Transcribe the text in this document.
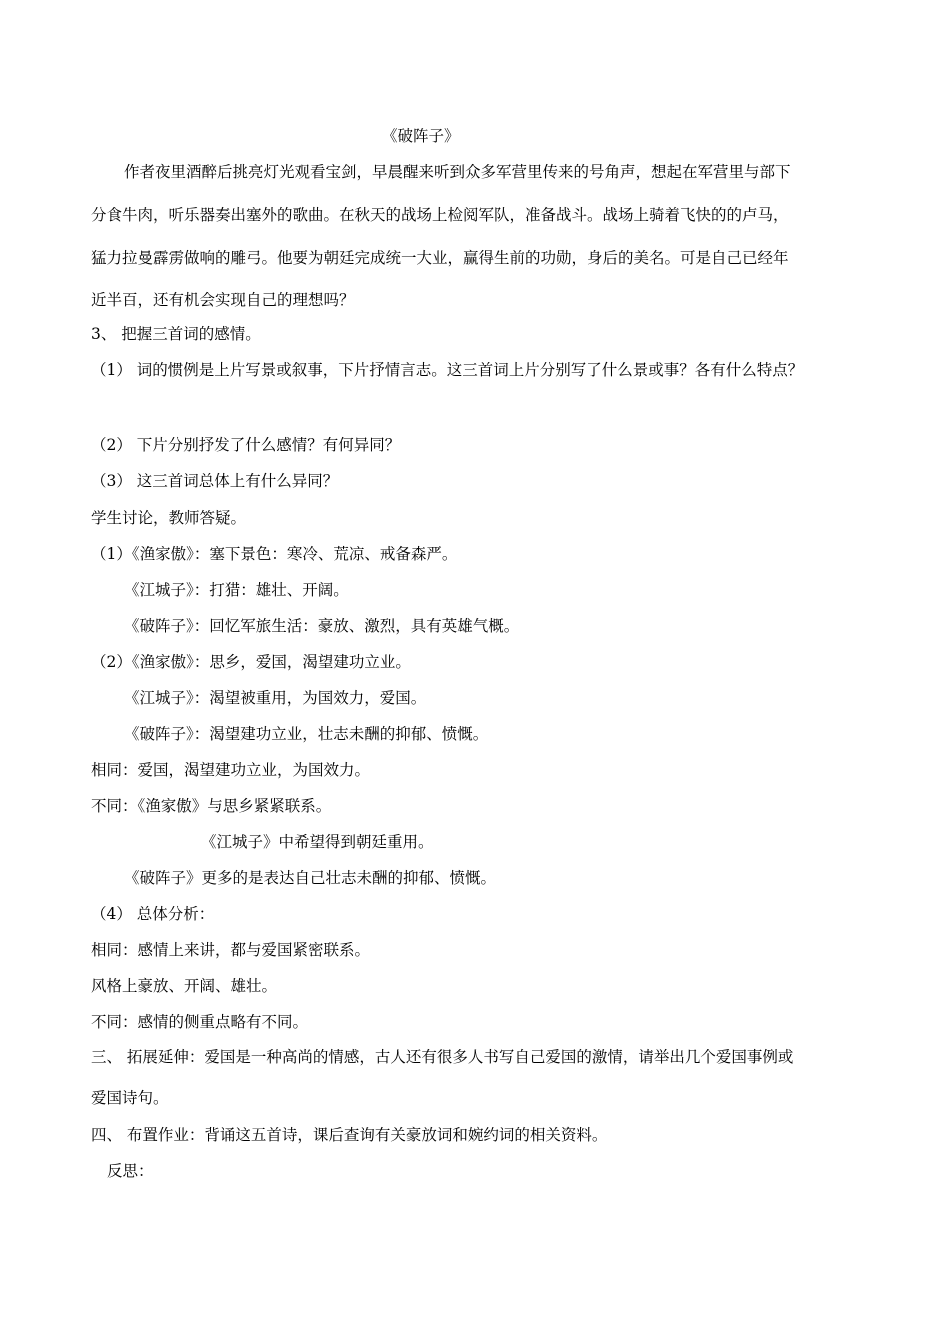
《破阵子》
作者夜里酒醉后挑亮灯光观看宝剑，早晨醒来听到众多军营里传来的号角声，想起在军营里与部下
分食牛肉，听乐器奏出塞外的歌曲。在秋天的战场上检阅军队，准备战斗。战场上骑着飞快的的卢马，
猛力拉曼霹雳做响的雕弓。他要为朝廷完成统一大业，赢得生前的功勋，身后的美名。可是自己已经年
近半百，还有机会实现自己的理想吗？
3、 把握三首词的感情。
（1） 词的惯例是上片写景或叙事，下片抒情言志。这三首词上片分别写了什么景或事？各有什么特点？
（2） 下片分别抒发了什么感情？有何异同？
（3） 这三首词总体上有什么异同？
学生讨论，教师答疑。
（1）《渔家傲》：塞下景色：寒冷、荒凉、戒备森严。
《江城子》：打猎：雄壮、开阔。
《破阵子》：回忆军旅生活：豪放、激烈，具有英雄气概。
（2）《渔家傲》：思乡，爱国，渴望建功立业。
《江城子》：渴望被重用，为国效力，爱国。
《破阵子》：渴望建功立业，壮志未酬的抑郁、愤慨。
相同：爱国，渴望建功立业，为国效力。
不同：《渔家傲》与思乡紧紧联系。
《江城子》中希望得到朝廷重用。
《破阵子》更多的是表达自己壮志未酬的抑郁、愤慨。
（4） 总体分析：
相同：感情上来讲，都与爱国紧密联系。
风格上豪放、开阔、雄壮。
不同：感情的侧重点略有不同。
三、 拓展延伸：爱国是一种高尚的情感，古人还有很多人书写自己爱国的激情，请举出几个爱国事例或
爱国诗句。
四、 布置作业：背诵这五首诗，课后查询有关豪放词和婉约词的相关资料。
反思：
